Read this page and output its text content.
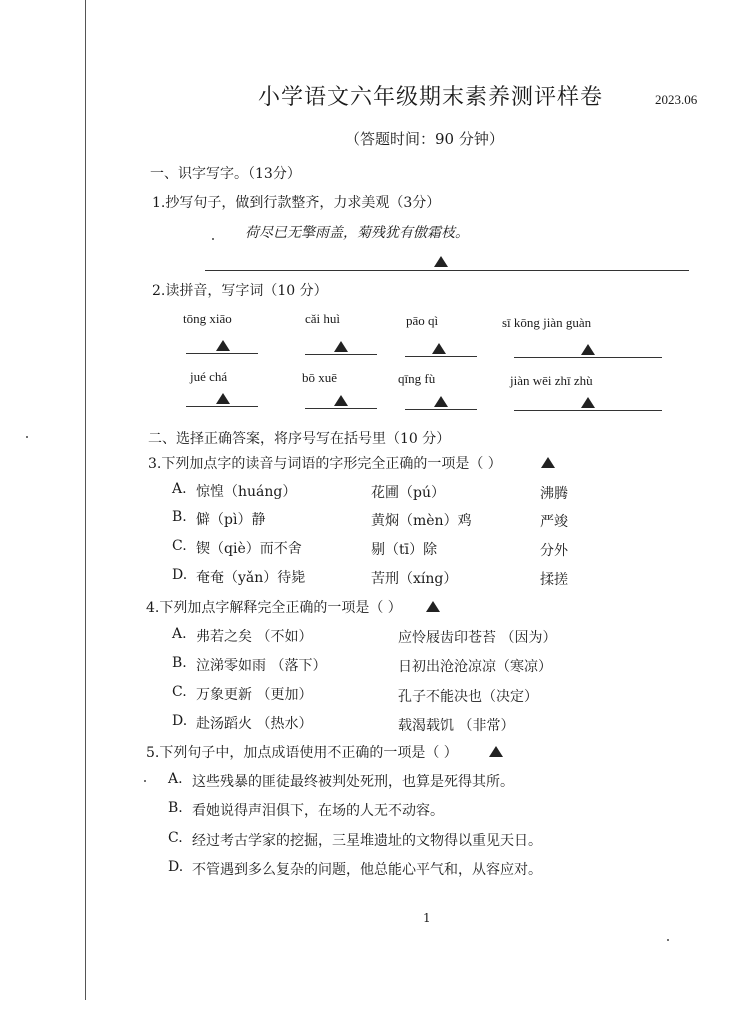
小学语文六年级期末素养测评样卷	2023.06
（答题时间：90 分钟）
一、识字写字。（13分）
1.抄写句子，做到行款整齐，力求美观（3分）
荷尽已无擎雨盖，菊残犹有傲霜枝。
2.读拼音，写字词（10 分）
tōng xiāo	cǎi huì	pāo qì	sī kōng jiàn guàn
jué chá	bō xuē	qīng fù	jiàn wēi zhī zhù
二、选择正确答案，将序号写在括号里（10 分）
3.下列加点字的读音与词语的字形完全正确的一项是（ ）
A. 惊惶（huáng）	花圃（pú）	沸腾
B. 僻（pì）静	黄焖（mèn）鸡	严竣
C. 锲（qiè）而不舍	剔（tī）除	分外
D. 奄奄（yǎn）待毙	苦刑（xíng）	揉搓
4.下列加点字解释完全正确的一项是（ ）
A. 弗若之矣 （不如）	应怜屐齿印苍苔 （因为）
B. 泣涕零如雨 （落下）	日初出沧沧凉凉（寒凉）
C. 万象更新 （更加）	孔子不能决也（决定）
D. 赴汤蹈火 （热水）	载渴载饥 （非常）
5.下列句子中，加点成语使用不正确的一项是（ ）
A. 这些残暴的匪徒最终被判处死刑，也算是死得其所。
B. 看她说得声泪俱下，在场的人无不动容。
C. 经过考古学家的挖掘，三星堆遗址的文物得以重见天日。
D. 不管遇到多么复杂的问题，他总能心平气和，从容应对。
1
